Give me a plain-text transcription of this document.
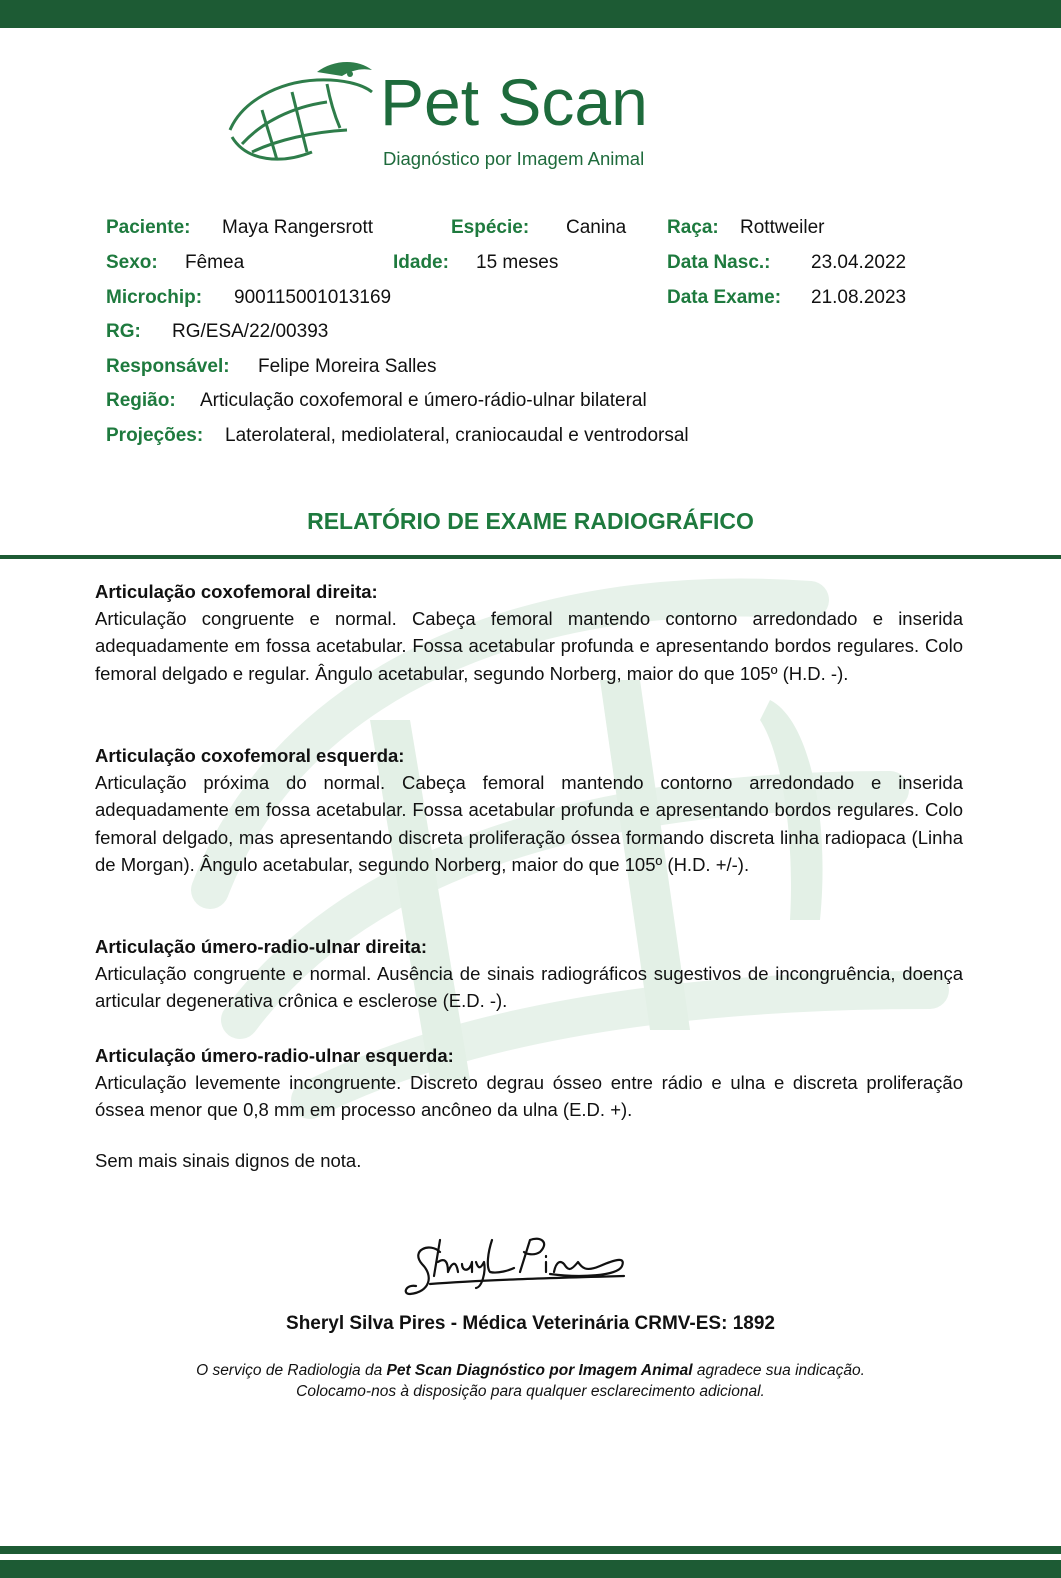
Pet Scan
Diagnóstico por Imagem Animal
Paciente: Maya Rangersrott	Espécie: Canina Raça: Rottweiler
Sexo: Fêmea	Idade: 15 meses	Data Nasc.: 23.04.2022
Microchip: 900115001013169	Data Exame: 21.08.2023
RG: RG/ESA/22/00393
Responsável: Felipe Moreira Salles
Região: Articulação coxofemoral e úmero-rádio-ulnar bilateral
Projeções: Laterolateral, mediolateral, craniocaudal e ventrodorsal
RELATÓRIO DE EXAME RADIOGRÁFICO
Articulação coxofemoral direita:

Articulação congruente e normal. Cabeça femoral mantendo contorno arredondado e inserida adequadamente em fossa acetabular. Fossa acetabular profunda e apresentando bordos regulares. Colo femoral delgado e regular. Ângulo acetabular, segundo Norberg, maior do que 105º (H.D. -).

Articulação coxofemoral esquerda:

Articulação próxima do normal. Cabeça femoral mantendo contorno arredondado e inserida adequadamente em fossa acetabular. Fossa acetabular profunda e apresentando bordos regulares. Colo femoral delgado, mas apresentando discreta proliferação óssea formando discreta linha radiopaca (Linha de Morgan). Ângulo acetabular, segundo Norberg, maior do que 105º (H.D. +/-).

Articulação úmero-radio-ulnar direita:

Articulação congruente e normal. Ausência de sinais radiográficos sugestivos de incongruência, doença articular degenerativa crônica e esclerose (E.D. -).

Articulação úmero-radio-ulnar esquerda:

Articulação levemente incongruente. Discreto degrau ósseo entre rádio e ulna e discreta proliferação óssea menor que 0,8 mm em processo ancôneo da ulna (E.D. +).

Sem mais sinais dignos de nota.
Sheryl Silva Pires - Médica Veterinária CRMV-ES: 1892
O serviço de Radiologia da Pet Scan Diagnóstico por Imagem Animal agradece sua indicação.
Colocamo-nos à disposição para qualquer esclarecimento adicional.
